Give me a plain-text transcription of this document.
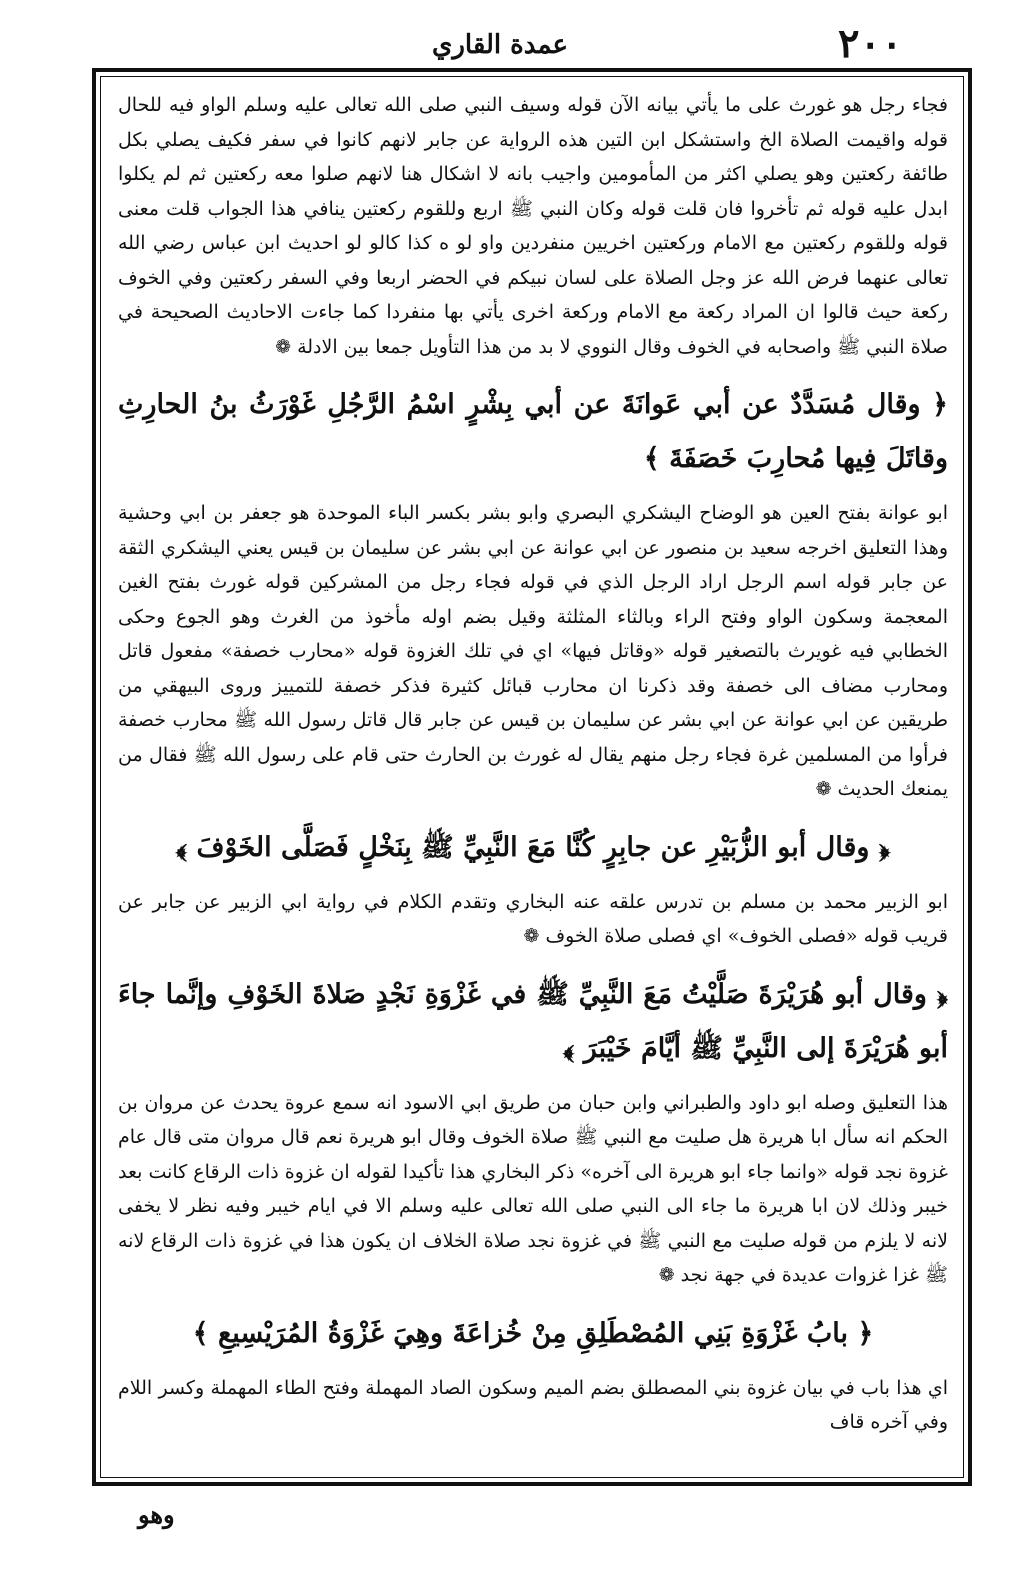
٢٠٠
عمدة القاري

فجاء رجل هو غورث على ما يأتي بيانه الآن قوله وسيف النبي صلى الله تعالى عليه وسلم الواو فيه للحال قوله واقيمت الصلاة الخ واستشكل ابن التين هذه الرواية عن جابر لانهم كانوا في سفر فكيف يصلي بكل طائفة ركعتين وهو يصلي اكثر من المأمومين واجيب بانه لا اشكال هنا لانهم صلوا معه ركعتين ثم لم يكلوا ابدل عليه قوله ثم تأخروا فان قلت قوله وكان النبي ﷺ اربع وللقوم ركعتين ينافي هذا الجواب قلت معنى قوله وللقوم ركعتين مع الامام وركعتين اخريين منفردين واو لو ه كذا كالو لو احديث ابن عباس رضي الله تعالى عنهما فرض الله عز وجل الصلاة على لسان نبيكم في الحضر اربعا وفي السفر ركعتين وفي الخوف ركعة حيث قالوا ان المراد ركعة مع الامام وركعة اخرى يأتي بها منفردا كما جاءت الاحاديث الصحيحة في صلاة النبي ﷺ واصحابه في الخوف وقال النووي لا بد من هذا التأويل جمعا بين الادلة ❁

﴿ وقال مُسَدَّدٌ عن أبي عَوانَةَ عن أبي بِشْرٍ اسْمُ الرَّجُلِ غَوْرَثُ بنُ الحارِثِ وقاتَلَ فِيها مُحارِبَ خَصَفَةَ ﴾

ابو عوانة بفتح العين هو الوضاح اليشكري البصري وابو بشر بكسر الباء الموحدة هو جعفر بن ابي وحشية وهذا التعليق اخرجه سعيد بن منصور عن ابي عوانة عن ابي بشر عن سليمان بن قيس يعني اليشكري الثقة عن جابر قوله اسم الرجل اراد الرجل الذي في قوله فجاء رجل من المشركين قوله غورث بفتح الغين المعجمة وسكون الواو وفتح الراء وبالثاء المثلثة وقيل بضم اوله مأخوذ من الغرث وهو الجوع وحكى الخطابي فيه غويرث بالتصغير قوله «وقاتل فيها» اي في تلك الغزوة قوله «محارب خصفة» مفعول قاتل ومحارب مضاف الى خصفة وقد ذكرنا ان محارب قبائل كثيرة فذكر خصفة للتمييز وروى البيهقي من طريقين عن ابي عوانة عن ابي بشر عن سليمان بن قيس عن جابر قال قاتل رسول الله ﷺ محارب خصفة فرأوا من المسلمين غرة فجاء رجل منهم يقال له غورث بن الحارث حتى قام على رسول الله ﷺ فقال من يمنعك الحديث ❁

﴿ وقال أبو الزُّبَيْرِ عن جابِرٍ كُنَّا مَعَ النَّبِيِّ ﷺ بِنَخْلٍ فَصَلَّى الخَوْفَ ﴾

ابو الزبير محمد بن مسلم بن تدرس علقه عنه البخاري وتقدم الكلام في رواية ابي الزبير عن جابر عن قريب قوله «فصلى الخوف» اي فصلى صلاة الخوف ❁

﴿ وقال أبو هُرَيْرَةَ صَلَّيْتُ مَعَ النَّبِيِّ ﷺ في غَزْوَةِ نَجْدٍ صَلاةَ الخَوْفِ وإنَّما جاءَ أبو هُرَيْرَةَ إلى النَّبِيِّ ﷺ أيَّامَ خَيْبَرَ ﴾

هذا التعليق وصله ابو داود والطبراني وابن حبان من طريق ابي الاسود انه سمع عروة يحدث عن مروان بن الحكم انه سأل ابا هريرة هل صليت مع النبي ﷺ صلاة الخوف وقال ابو هريرة نعم قال مروان متى قال عام غزوة نجد قوله «وانما جاء ابو هريرة الى آخره» ذكر البخاري هذا تأكيدا لقوله ان غزوة ذات الرقاع كانت بعد خيبر وذلك لان ابا هريرة ما جاء الى النبي صلى الله تعالى عليه وسلم الا في ايام خيبر وفيه نظر لا يخفى لانه لا يلزم من قوله صليت مع النبي ﷺ في غزوة نجد صلاة الخلاف ان يكون هذا في غزوة ذات الرقاع لانه ﷺ غزا غزوات عديدة في جهة نجد ❁

﴿ بابُ غَزْوَةِ بَنِي المُصْطَلِقِ مِنْ خُزاعَةَ وهِيَ غَزْوَةُ المُرَيْسِيعِ ﴾

اي هذا باب في بيان غزوة بني المصطلق بضم الميم وسكون الصاد المهملة وفتح الطاء المهملة وكسر اللام وفي آخره قاف

وهو
